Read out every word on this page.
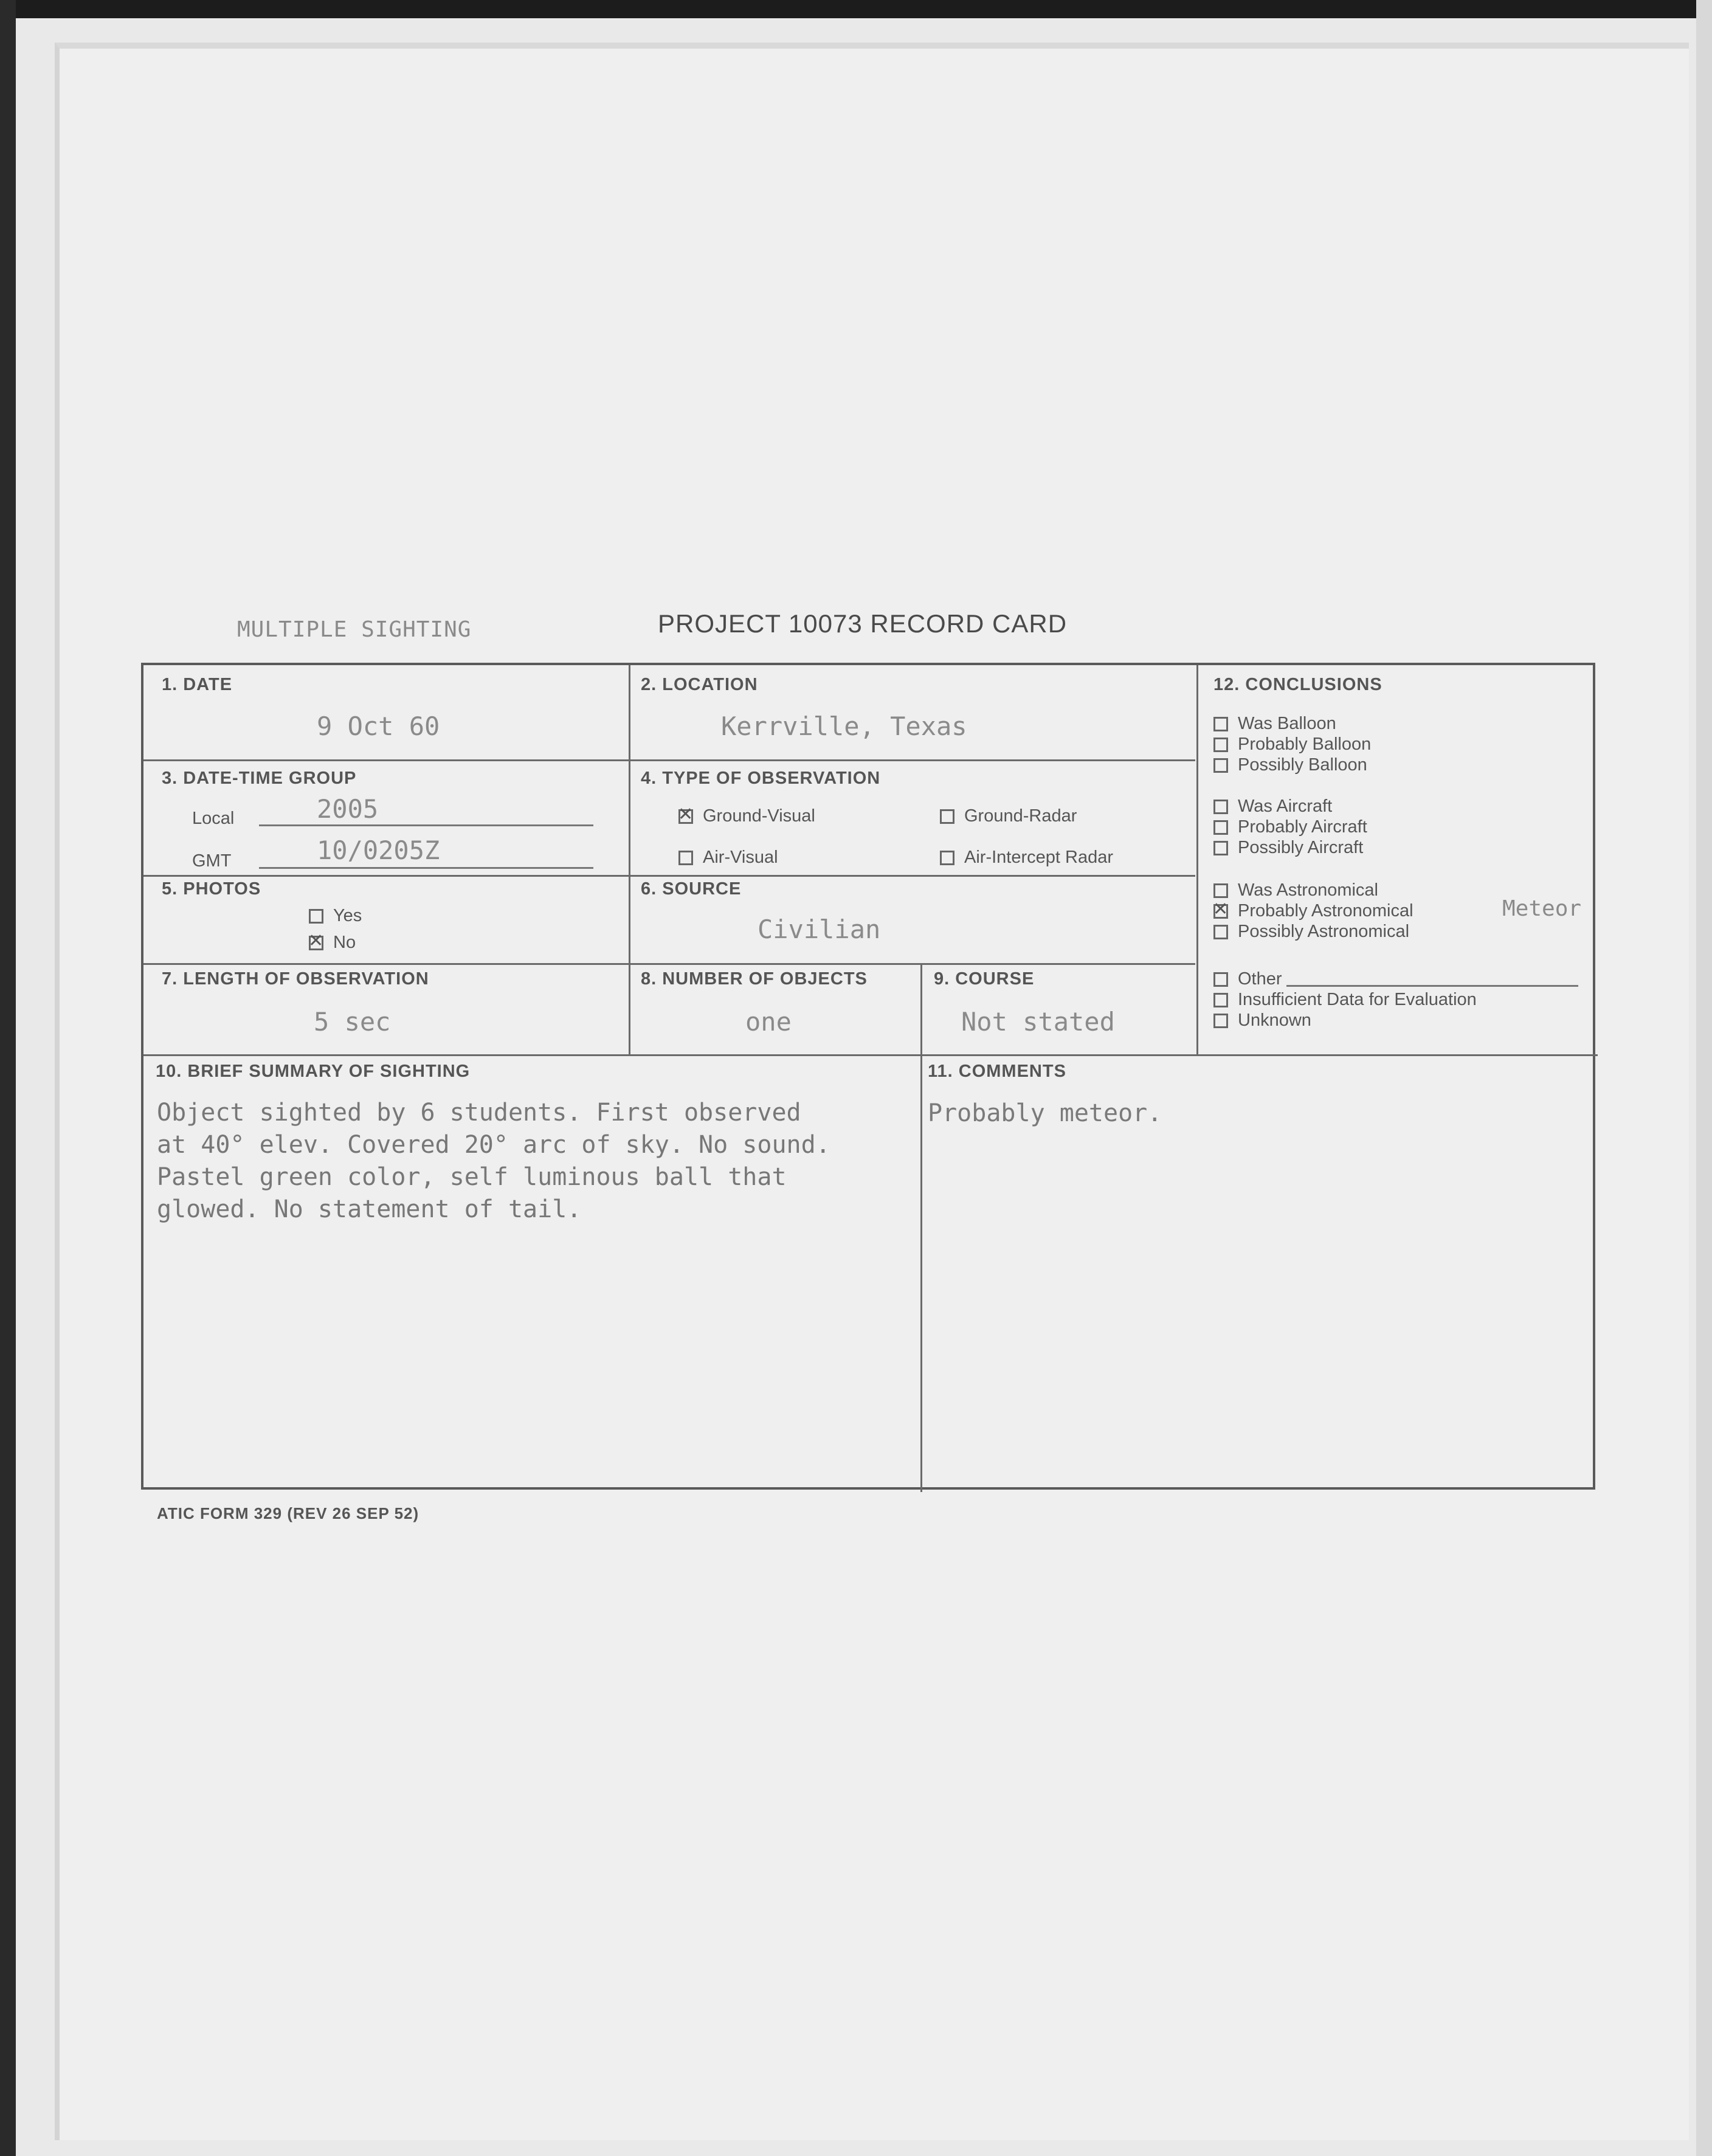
MULTIPLE SIGHTING	PROJECT 10073 RECORD CARD
1. DATE
9 Oct 60
2. LOCATION
Kerrville, Texas
3. DATE-TIME GROUP
Local	2005
GMT	10/0205Z
4. TYPE OF OBSERVATION
✕Ground-Visual	Ground-Radar
Air-Visual	Air-Intercept Radar
5. PHOTOS
Yes
✕No
6. SOURCE
Civilian
7. LENGTH OF OBSERVATION
5 sec
8. NUMBER OF OBJECTS
one
9. COURSE
Not stated
12. CONCLUSIONS
Was Balloon
Probably Balloon
Possibly Balloon
Was Aircraft
Probably Aircraft
Possibly Aircraft
Was Astronomical
✕Probably Astronomical	Meteor
Possibly Astronomical
Other
Insufficient Data for Evaluation
Unknown
10. BRIEF SUMMARY OF SIGHTING
Object sighted by 6 students. First observed
at 40° elev. Covered 20° arc of sky. No sound.
Pastel green color, self luminous ball that
glowed. No statement of tail.
11. COMMENTS
Probably meteor.
ATIC FORM 329 (REV 26 SEP 52)
